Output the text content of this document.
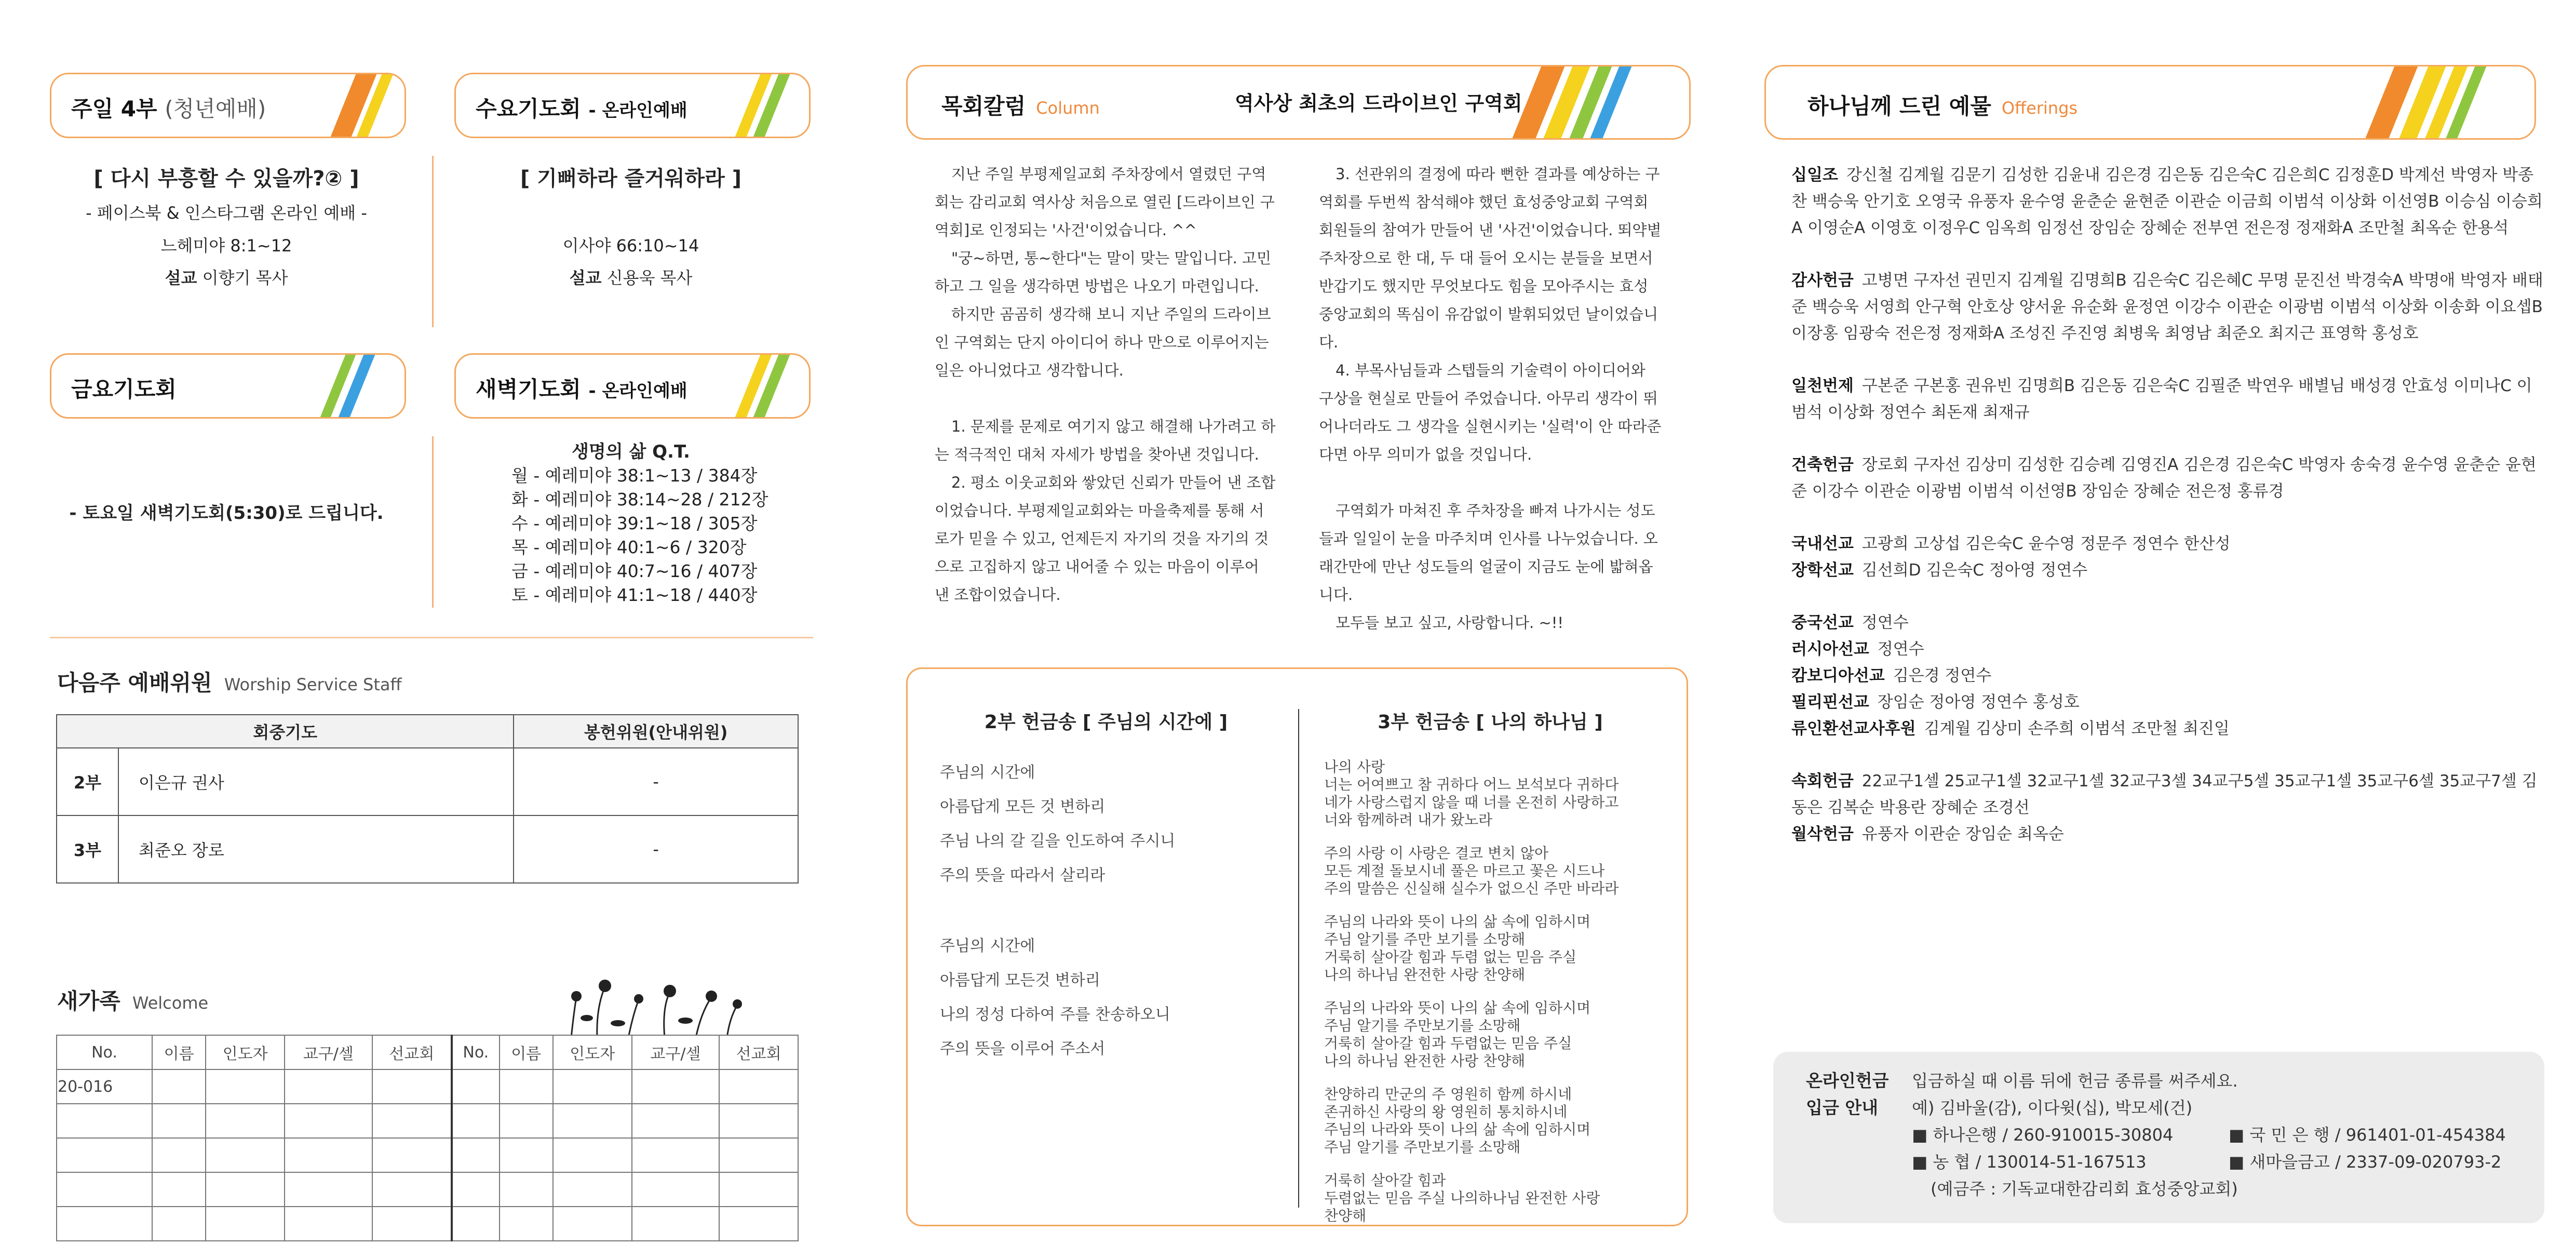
주일 4부 (청년예배)
[ 다시 부흥할 수 있을까?② ]
- 페이스북 & 인스타그램 온라인 예배 -
느헤미야 8:1~12
설교 이향기 목사
수요기도회 - 온라인예배
[ 기뻐하라 즐거워하라 ]
이사야 66:10~14
설교 신용욱 목사
금요기도회
- 토요일 새벽기도회(5:30)로 드립니다.
새벽기도회 - 온라인예배
생명의 삶 Q.T.
월 - 예레미야 38:1~13 / 384장
화 - 예레미야 38:14~28 / 212장
수 - 예레미야 39:1~18 / 305장
목 - 예레미야 40:1~6 / 320장
금 - 예레미야 40:7~16 / 407장
토 - 예레미야 41:1~18 / 440장
다음주 예배위원 Worship Service Staff
회중기도		봉헌위원(안내위원)
2부	이은규 권사	-
3부	최준오 장로	-
새가족 Welcome
No.	이름	인도자	교구/셀	선교회	No.	이름	인도자	교구/셀	선교회
20-016									

목회칼럼 Column	역사상 최초의 드라이브인 구역회

지난 주일 부평제일교회 주차장에서 열렸던 구역회는 감리교회 역사상 처음으로 열린 [드라이브인 구역회]로 인정되는 '사건'이었습니다. ^^

"궁~하면, 통~한다"는 말이 맞는 말입니다. 고민하고 그 일을 생각하면 방법은 나오기 마련입니다.

하지만 곰곰히 생각해 보니 지난 주일의 드라이브인 구역회는 단지 아이디어 하나 만으로 이루어지는 일은 아니었다고 생각합니다.

1. 문제를 문제로 여기지 않고 해결해 나가려고 하는 적극적인 대처 자세가 방법을 찾아낸 것입니다.

2. 평소 이웃교회와 쌓았던 신뢰가 만들어 낸 조합이었습니다. 부평제일교회와는 마을축제를 통해 서로가 믿을 수 있고, 언제든지 자기의 것을 자기의 것으로 고집하지 않고 내어줄 수 있는 마음이 이루어 낸 조합이었습니다.

3. 선관위의 결정에 따라 뻔한 결과를 예상하는 구역회를 두번씩 참석해야 했던 효성중앙교회 구역회 회원들의 참여가 만들어 낸 '사건'이었습니다. 뙤약볕 주차장으로 한 대, 두 대 들어 오시는 분들을 보면서 반갑기도 했지만 무엇보다도 힘을 모아주시는 효성중앙교회의 똑심이 유감없이 발휘되었던 날이었습니다.

4. 부목사님들과 스텝들의 기술력이 아이디어와 구상을 현실로 만들어 주었습니다. 아무리 생각이 뛰어나더라도 그 생각을 실현시키는 '실력'이 안 따라준다면 아무 의미가 없을 것입니다.

구역회가 마쳐진 후 주차장을 빠져 나가시는 성도들과 일일이 눈을 마주치며 인사를 나누었습니다. 오래간만에 만난 성도들의 얼굴이 지금도 눈에 밟혀옵니다.

모두들 보고 싶고, 사랑합니다. ~!!

2부 헌금송 [ 주님의 시간에 ]	3부 헌금송 [ 나의 하나님 ]
주님의 시간에
아름답게 모든 것 변하리
주님 나의 갈 길을 인도하여 주시니
주의 뜻을 따라서 살리라
주님의 시간에
아름답게 모든것 변하리
나의 정성 다하여 주를 찬송하오니
주의 뜻을 이루어 주소서

나의 사랑

너는 어여쁘고 참 귀하다 어느 보석보다 귀하다

네가 사랑스럽지 않을 때 너를 온전히 사랑하고

너와 함께하려 내가 왔노라

주의 사랑 이 사랑은 결코 변치 않아

모든 계절 돌보시네 풀은 마르고 꽃은 시드나

주의 말씀은 신실해 실수가 없으신 주만 바라라

주님의 나라와 뜻이 나의 삶 속에 임하시며

주님 알기를 주만 보기를 소망해

거룩히 살아갈 힘과 두렴 없는 믿음 주실

나의 하나님 완전한 사랑 찬양해

주님의 나라와 뜻이 나의 삶 속에 임하시며

주님 알기를 주만보기를 소망해

거룩히 살아갈 힘과 두렴없는 믿음 주실

나의 하나님 완전한 사랑 찬양해

찬양하리 만군의 주 영원히 함께 하시네

존귀하신 사랑의 왕 영원히 통치하시네

주님의 나라와 뜻이 나의 삶 속에 임하시며

주님 알기를 주만보기를 소망해

거룩히 살아갈 힘과

두렴없는 믿음 주실 나의하나님 완전한 사랑

찬양해

하나님께 드린 예물 Offerings

십일조 강신철 김계월 김문기 김성한 김윤내 김은경 김은동 김은숙C 김은희C 김정훈D 박계선 박영자 박종찬 백승욱 안기호 오영국 유풍자 윤수영 윤춘순 윤현준 이관순 이금희 이범석 이상화 이선영B 이승심 이승희A 이영순A 이영호 이정우C 임옥희 임정선 장임순 장혜순 전부연 전은정 정재화A 조만철 최옥순 한용석

감사헌금 고병면 구자선 권민지 김계월 김명희B 김은숙C 김은혜C 무명 문진선 박경숙A 박명애 박영자 배태준 백승욱 서영희 안구혁 안호상 양서윤 유순화 윤정연 이강수 이관순 이광범 이범석 이상화 이송화 이요셉B 이장홍 임광숙 전은정 정재화A 조성진 주진영 최병욱 최영남 최준오 최지근 표영학 홍성호

일천번제 구본준 구본홍 권유빈 김명희B 김은동 김은숙C 김필준 박연우 배별님 배성경 안효성 이미나C 이범석 이상화 정연수 최돈재 최재규

건축헌금 장로회 구자선 김상미 김성한 김승례 김영진A 김은경 김은숙C 박영자 송숙경 윤수영 윤춘순 윤현준 이강수 이관순 이광범 이범석 이선영B 장임순 장혜순 전은정 홍류경

국내선교 고광희 고상섭 김은숙C 윤수영 정문주 정연수 한산성

장학선교 김선희D 김은숙C 정아영 정연수

중국선교 정연수

러시아선교 정연수

캄보디아선교 김은경 정연수

필리핀선교 장임순 정아영 정연수 홍성호

류인환선교사후원 김계월 김상미 손주희 이범석 조만철 최진일

속회헌금 22교구1셀 25교구1셀 32교구1셀 32교구3셀 34교구5셀 35교구1셀 35교구6셀 35교구7셀 김동은 김복순 박용란 장혜순 조경선

월삭헌금 유풍자 이관순 장임순 최옥순

온라인헌금
입금 안내
입금하실 때 이름 뒤에 헌금 종류를 써주세요.
예) 김바울(감), 이다윗(십), 박모세(건)
■ 하나은행 / 260-910015-30804	■ 국 민 은 행 / 961401-01-454384
■ 농 협 / 130014-51-167513	■ 새마을금고 / 2337-09-020793-2
(예금주 : 기독교대한감리회 효성중앙교회)
